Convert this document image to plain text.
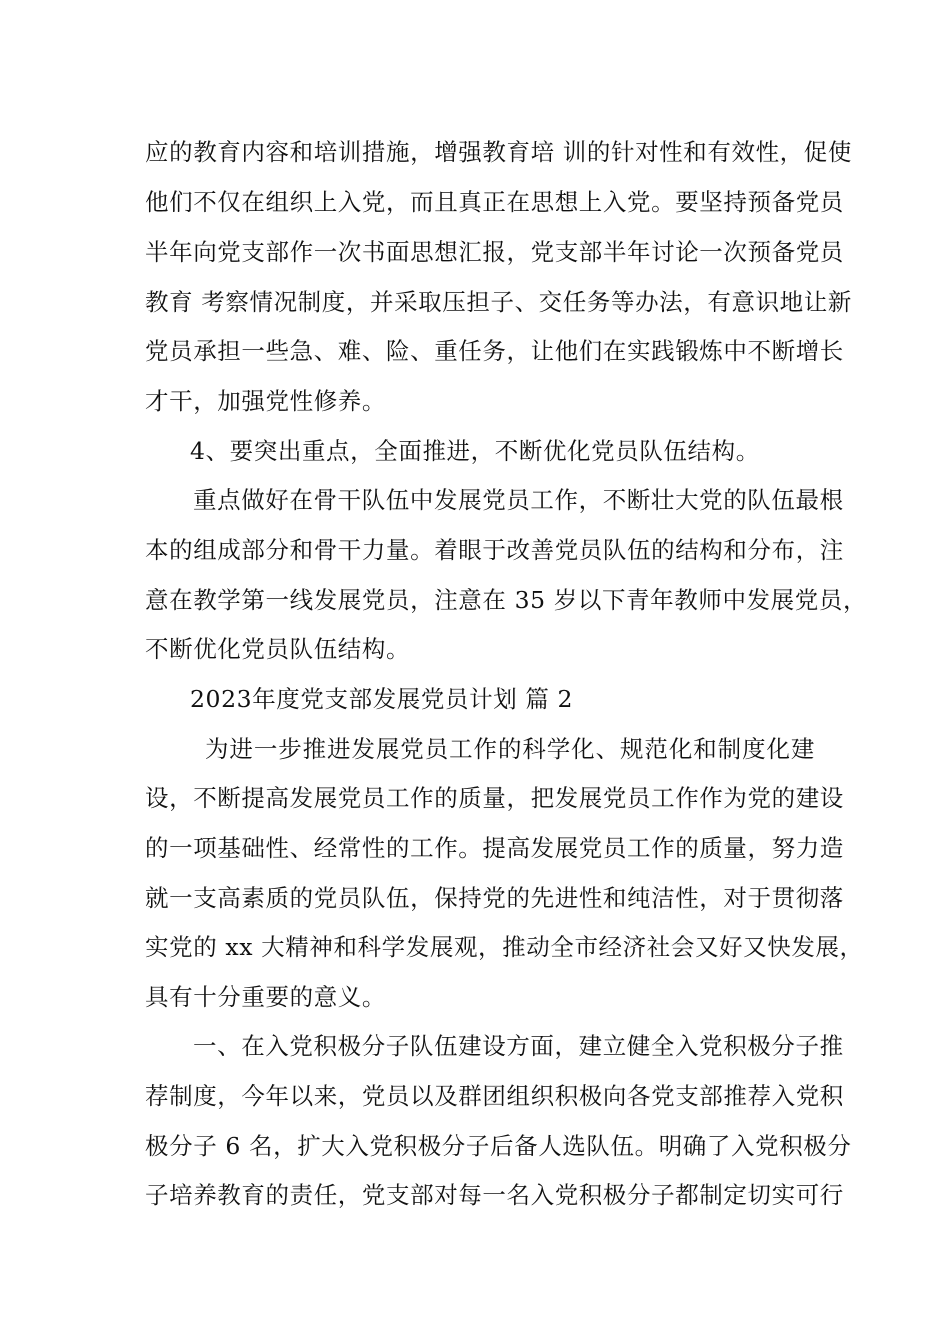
应的教育内容和培训措施，增强教育培 训的针对性和有效性，促使
他们不仅在组织上入党，而且真正在思想上入党。要坚持预备党员
半年向党支部作一次书面思想汇报，党支部半年讨论一次预备党员
教育 考察情况制度，并采取压担子、交任务等办法，有意识地让新
党员承担一些急、难、险、重任务，让他们在实践锻炼中不断增长
才干，加强党性修养。
4、要突出重点，全面推进，不断优化党员队伍结构。
重点做好在骨干队伍中发展党员工作，不断壮大党的队伍最根
本的组成部分和骨干力量。着眼于改善党员队伍的结构和分布，注
意在教学第一线发展党员，注意在 35 岁以下青年教师中发展党员，
不断优化党员队伍结构。
2023年度党支部发展党员计划 篇 2
为进一步推进发展党员工作的科学化、规范化和制度化建
设，不断提高发展党员工作的质量，把发展党员工作作为党的建设
的一项基础性、经常性的工作。提高发展党员工作的质量，努力造
就一支高素质的党员队伍，保持党的先进性和纯洁性，对于贯彻落
实党的 xx 大精神和科学发展观，推动全市经济社会又好又快发展，
具有十分重要的意义。
一、在入党积极分子队伍建设方面，建立健全入党积极分子推
荐制度，今年以来，党员以及群团组织积极向各党支部推荐入党积
极分子 6 名，扩大入党积极分子后备人选队伍。明确了入党积极分
子培养教育的责任，党支部对每一名入党积极分子都制定切实可行
